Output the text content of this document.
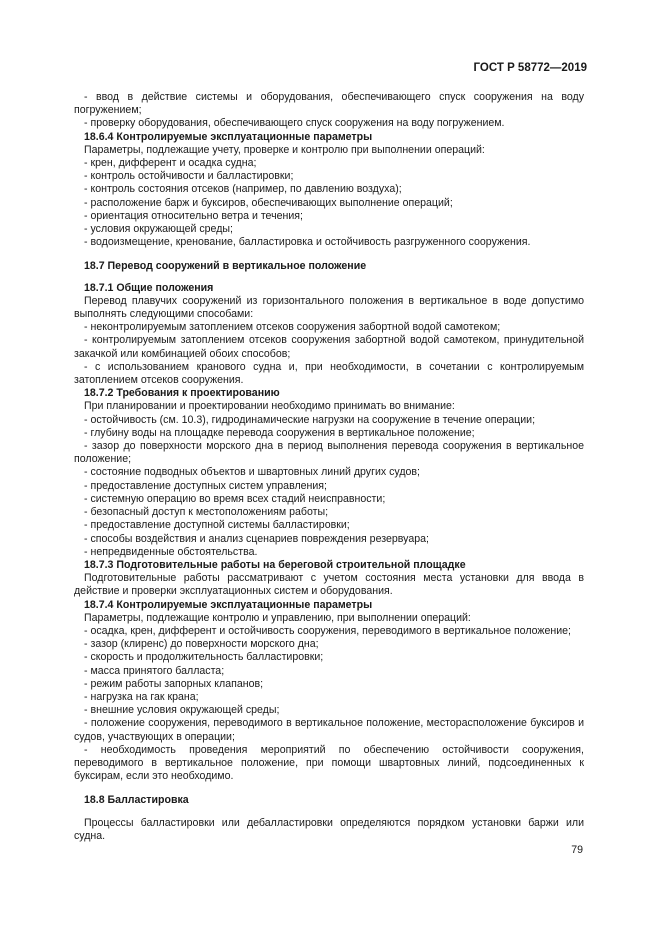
ГОСТ Р 58772—2019

- ввод в действие системы и оборудования, обеспечивающего спуск сооружения на воду погружением;

- проверку оборудования, обеспечивающего спуск сооружения на воду погружением.

18.6.4 Контролируемые эксплуатационные параметры

Параметры, подлежащие учету, проверке и контролю при выполнении операций:

- крен, дифферент и осадка судна;

- контроль остойчивости и балластировки;

- контроль состояния отсеков (например, по давлению воздуха);

- расположение барж и буксиров, обеспечивающих выполнение операций;

- ориентация относительно ветра и течения;

- условия окружающей среды;

- водоизмещение, кренование, балластировка и остойчивость разгруженного сооружения.

18.7 Перевод сооружений в вертикальное положение

18.7.1 Общие положения

Перевод плавучих сооружений из горизонтального положения в вертикальное в воде допустимо выполнять следующими способами:

- неконтролируемым затоплением отсеков сооружения забортной водой самотеком;

- контролируемым затоплением отсеков сооружения забортной водой самотеком, принудительной закачкой или комбинацией обоих способов;

- с использованием кранового судна и, при необходимости, в сочетании с контролируемым затоплением отсеков сооружения.

18.7.2 Требования к проектированию

При планировании и проектировании необходимо принимать во внимание:

- остойчивость (см. 10.3), гидродинамические нагрузки на сооружение в течение операции;

- глубину воды на площадке перевода сооружения в вертикальное положение;

- зазор до поверхности морского дна в период выполнения перевода сооружения в вертикальное положение;

- состояние подводных объектов и швартовных линий других судов;

- предоставление доступных систем управления;

- системную операцию во время всех стадий неисправности;

- безопасный доступ к местоположениям работы;

- предоставление доступной системы балластировки;

- способы воздействия и анализ сценариев повреждения резервуара;

- непредвиденные обстоятельства.

18.7.3 Подготовительные работы на береговой строительной площадке

Подготовительные работы рассматривают с учетом состояния места установки для ввода в действие и проверки эксплуатационных систем и оборудования.

18.7.4 Контролируемые эксплуатационные параметры

Параметры, подлежащие контролю и управлению, при выполнении операций:

- осадка, крен, дифферент и остойчивость сооружения, переводимого в вертикальное положение;

- зазор (клиренс) до поверхности морского дна;

- скорость и продолжительность балластировки;

- масса принятого балласта;

- режим работы запорных клапанов;

- нагрузка на гак крана;

- внешние условия окружающей среды;

- положение сооружения, переводимого в вертикальное положение, месторасположение буксиров и судов, участвующих в операции;

- необходимость проведения мероприятий по обеспечению остойчивости сооружения, переводимого в вертикальное положение, при помощи швартовных линий, подсоединенных к буксирам, если это необходимо.

18.8 Балластировка

Процессы балластировки или дебалластировки определяются порядком установки баржи или судна.

79
